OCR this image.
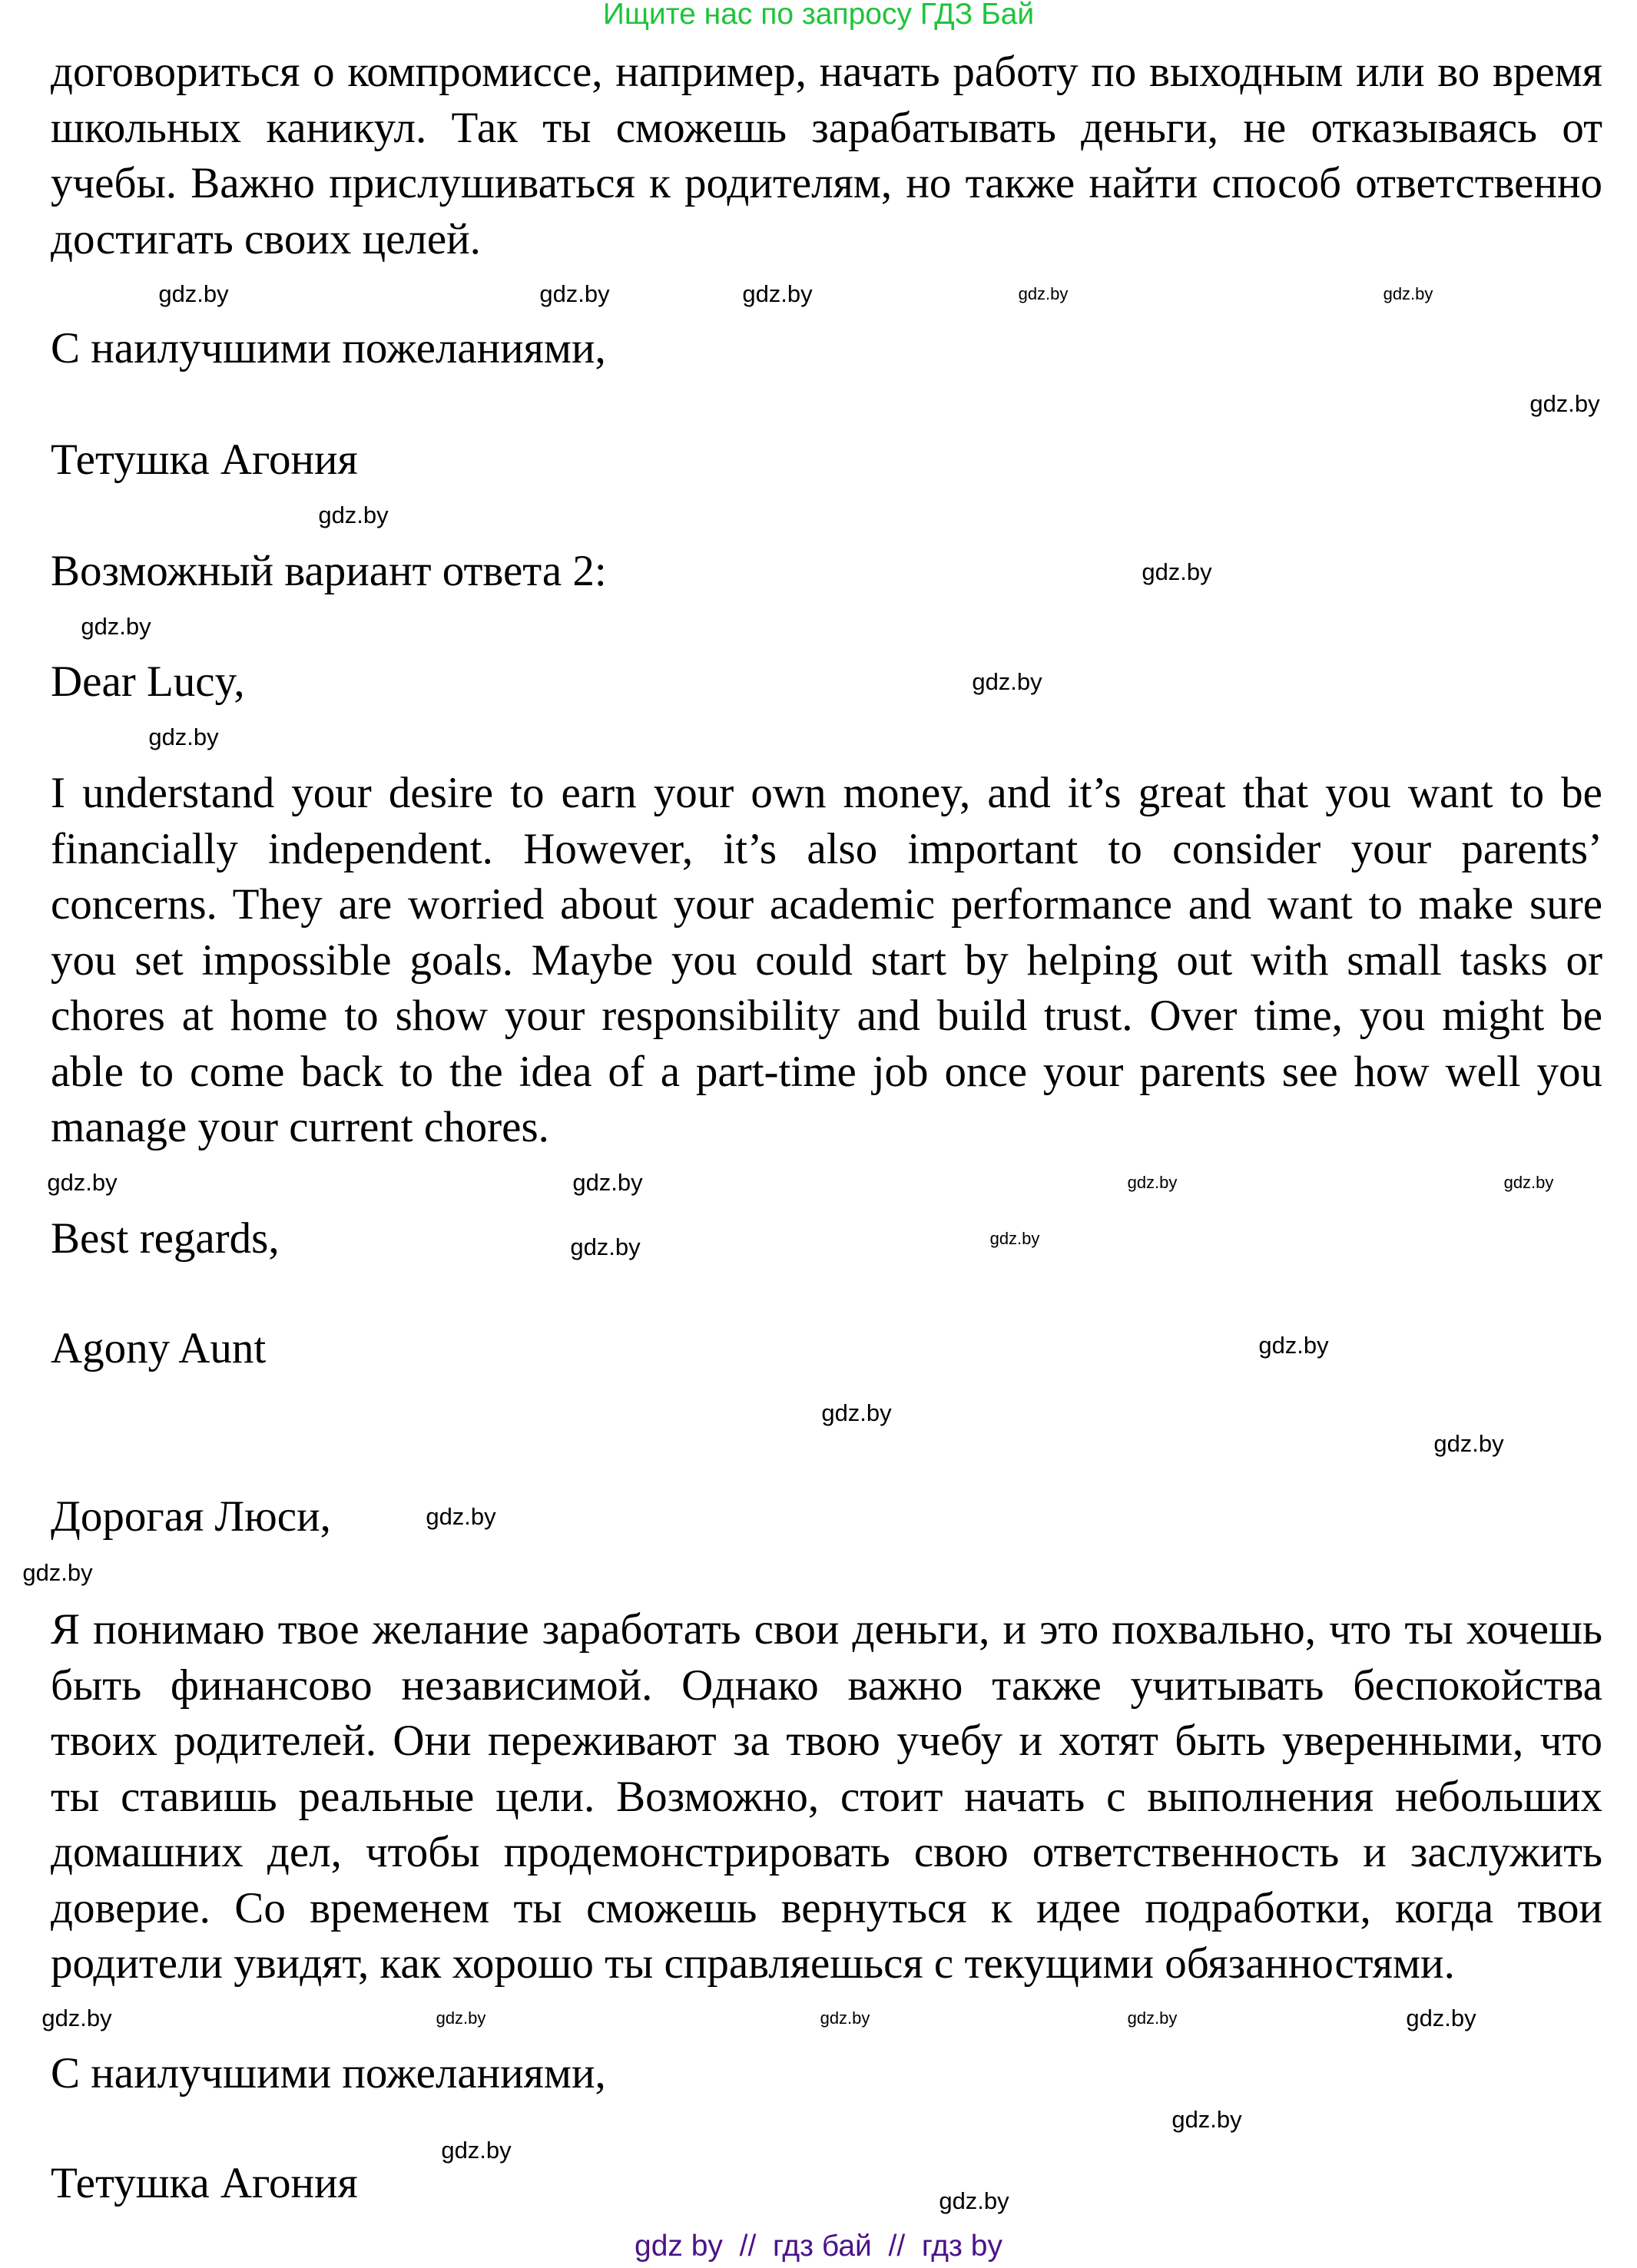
Ищите нас по запросу ГДЗ Бай
договориться о компромиссе, например, начать работу по выходным или во время
школьных каникул. Так ты сможешь зарабатывать деньги, не отказываясь от
учебы. Важно прислушиваться к родителям, но также найти способ ответственно
достигать своих целей.
С наилучшими пожеланиями,
Тетушка Агония
Возможный вариант ответа 2:
Dear Lucy,
I understand your desire to earn your own money, and it’s great that you want to be
financially independent. However, it’s also important to consider your parents’
concerns. They are worried about your academic performance and want to make sure
you set impossible goals. Maybe you could start by helping out with small tasks or
chores at home to show your responsibility and build trust. Over time, you might be
able to come back to the idea of a part-time job once your parents see how well you
manage your current chores.
Best regards,
Agony Aunt
Дорогая Люси,
Я понимаю твое желание заработать свои деньги, и это похвально, что ты хочешь
быть финансово независимой. Однако важно также учитывать беспокойства
твоих родителей. Они переживают за твою учебу и хотят быть уверенными, что
ты ставишь реальные цели. Возможно, стоит начать с выполнения небольших
домашних дел, чтобы продемонстрировать свою ответственность и заслужить
доверие. Со временем ты сможешь вернуться к идее подработки, когда твои
родители увидят, как хорошо ты справляешься с текущими обязанностями.
С наилучшими пожеланиями,
Тетушка Агония
gdz.by
gdz.by
gdz.by	gdz.by
gdz.by
gdz.by
gdz.by
gdz.by
gdz.by
gdz.by
gdz.by
gdz.by
gdz.by
gdz.by
gdz.by
gdz.by
gdz.by
gdz.by
gdz.by
gdz.by
gdz.by
gdz.by
gdz.by
gdz.by
gdz.by	gdz.by
gdz.by
gdz.by
gdz.by
gdz.by
gdz by  //  гдз бай  //  гдз by
